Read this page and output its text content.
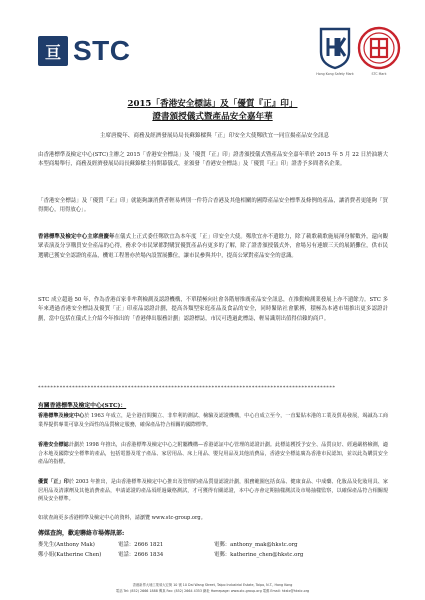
亘 STC
Hong Kong Safety Mark	STC Mark
2015「香港安全標誌」及「優質『正』印」
證書頒授儀式暨產品安全嘉年華
主席唐慶年、商務及經濟發展局局長蘇錦樑與「正」印安全大使鄭欣宜一同宣揚產品安全訊息

由香港標準及檢定中心(STC)主辦之 2015「香港安全標誌」及「優質『正』印」證書頒授儀式暨產品安全嘉年華於 2015 年 5 月 22 日於油塘大本型商場舉行，商務及經濟發展局局長蘇錦樑主持開幕儀式，並頒發「香港安全標誌」及「優質『正』印」證書予多間著名企業。

「香港安全標誌」及「優質『正』印」就能夠讓消費者輕易辨別一件符合香港及其他相關的國際產品安全標準及條例的產品，讓消費者更能夠「買得開心，用得放心」。

香港標準及檢定中心主席唐慶年在儀式上正式委任鄭欣宜為本年度「正」印安全大使。鄭欣宜亦不遺餘力，除了載歌載歌施展渾身解數外，還向觀眾表演及分享購買安全產品的心得，務求令市民眾都對購買優質產品有更多的了解，除了證書頒授儀式外，會場另有連續三天的展銷攤位，供市民選購已獲安全認證的產品，機電工程署亦於場內設置展攤位，讓市民參與其中，提高公眾對產品安全的意識。

STC 成立超過 50 年，作為香港首家非牟利檢測及認證機構，不單積極向社會各階層推廣產品安全訊息，在推動檢測業發展上亦不遺餘力。STC 多年來透過香港安全標誌及優質「正」印產品認證計劃，提高各類型家庭產品及食品的安全，同時緊貼社會脈搏，積極為本港市場推出更多認證計劃，當中包括在儀式上介紹今年推出的「香港傳出服務計劃」認證標誌，市民可透過此標誌，輕易識別出值得信賴的商戶。

************************************************************************************************
有關香港標準及檢定中心(STC)：

香港標準及檢定中心於 1963 年成立，是全港首間獨立、非牟利的測試、檢驗及認證機構，中心自成立至今，一直緊貼本港的工業及貿易發展，竭誠為工商業界提供專業可靠及全面性的品質檢定服務，確保產品符合相關的國際標準。

香港安全標誌計劃於 1998 年推出，由香港標準及檢定中心之附屬機構—香港認証中心管理的認證計劃。此標誌獲授予安全、品質良好、經過嚴格檢測，適合本地及國際安全標準的產品，包括電器及電子產品、家居用品、床上用品、嬰兒用品及其他消費品，香港安全標誌廣為香港市民認知，並以此為購買安全產品的指標。

優質「正」印於 2003 年推出，是由香港標準及檢定中心推出及管理的產品質量認證計劃，服務範圍包括食品、健康食品、中成藥、化妝品及化妝用具、家居用品及清潔劑及其他消費產品，申請認證的產品須經過嚴格測試，才可獲得有關認證，本中心亦會定期抽樣測試及市場抽樣監察，以確保產品符合相關規例及安全標準。

如欲查詢更多香港標準及檢定中心的資料，請瀏覽 www.stc-group.org。

傳媒查詢，歡迎聯絡市場傳訊部:
麥先生(Anthony Mak)	電話：2666 1821	電郵：anthony_mak@hkstc.org
鄭小姐(Katherine Chen)	電話：2666 1834	電郵：katherine_chen@hkstc.org
香港新界大埔工業邨大宏街 10 號 10 Dai Wang Street, Taipo Industrial Estate, Taipo, N.T., Hong Kong
電話 Tel: (852) 2666 1888 傳真 Fax: (852) 2664 4353 網址 Homepage: www.stc-group.org 電郵 Email: hkstc@hkstc.org
